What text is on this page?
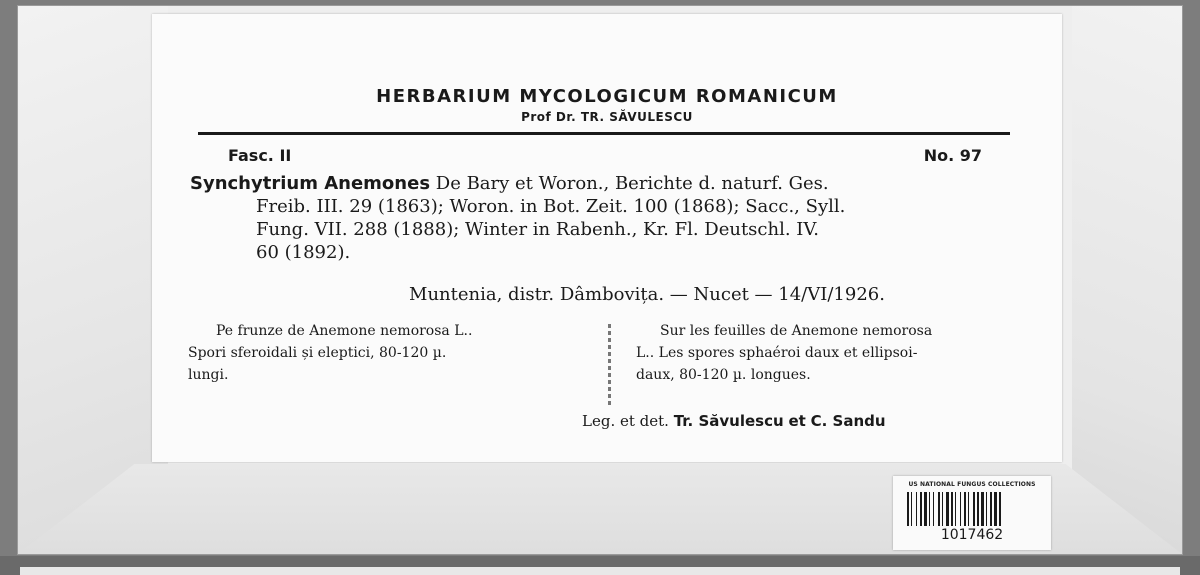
HERBARIUM MYCOLOGICUM ROMANICUM
Prof Dr. TR. SĂVULESCU
Fasc. II	No. 97
Synchytrium Anemones De Bary et Woron., Berichte d. naturf. Ges.
Freib. III. 29 (1863); Woron. in Bot. Zeit. 100 (1868); Sacc., Syll.
Fung. VII. 288 (1888); Winter in Rabenh., Kr. Fl. Deutschl. IV.
60 (1892).
Muntenia, distr. Dâmbovița. — Nucet — 14/VI/1926.
Pe frunze de Anemone nemorosa L..
Spori sferoidali și eleptici, 80-120 µ.
lungi.
Sur les feuilles de Anemone nemorosa
L.. Les spores sphaéroi daux et ellipsoi-
daux, 80-120 µ. longues.
Leg. et det. Tr. Săvulescu et C. Sandu
US NATIONAL FUNGUS COLLECTIONS
1017462
